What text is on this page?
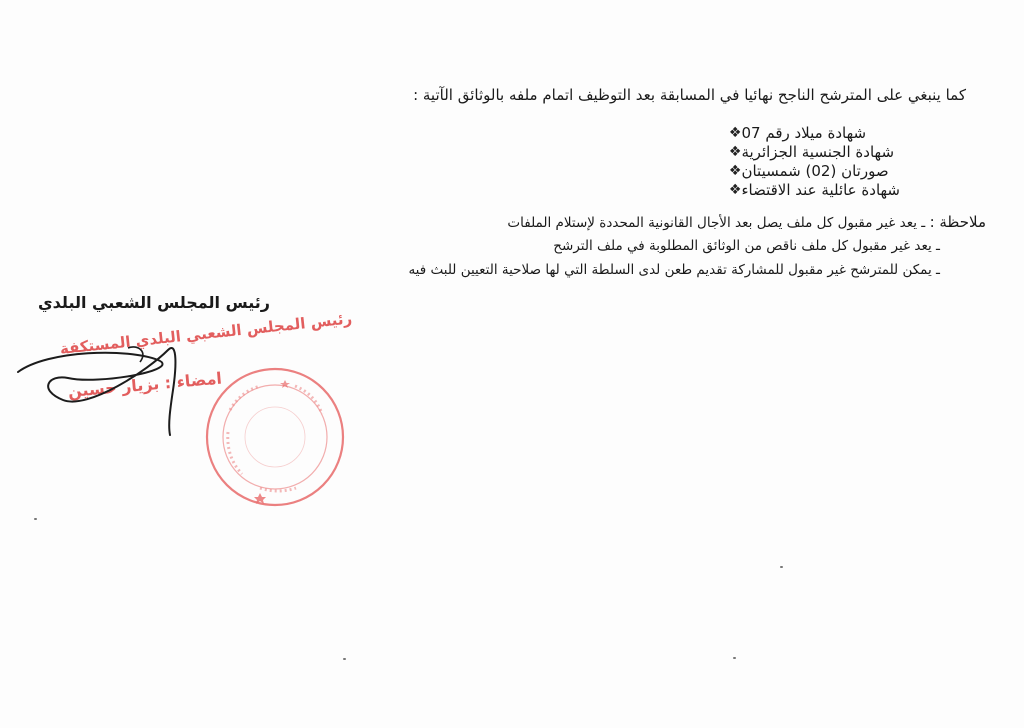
كما ينبغي على المترشح الناجح نهائيا في المسابقة بعد التوظيف اتمام ملفه بالوثائق الآتية :
❖ شهادة ميلاد رقم 07
❖ شهادة الجنسية الجزائرية
❖ صورتان (02) شمسيتان
❖ شهادة عائلية عند الاقتضاء
ملاحظة : ـ يعد غير مقبول كل ملف يصل بعد الأجال القانونية المحددة لإستلام الملفات
ـ يعد غير مقبول كل ملف ناقص من الوثائق المطلوبة في ملف الترشح
ـ يمكن للمترشح غير مقبول للمشاركة تقديم طعن لدى السلطة التي لها صلاحية التعيين للبث فيه
رئيس المجلس الشعبي البلدي
رئيس المجلس الشعبي البلدي المستكفة
امضاء : بزيار حسين
